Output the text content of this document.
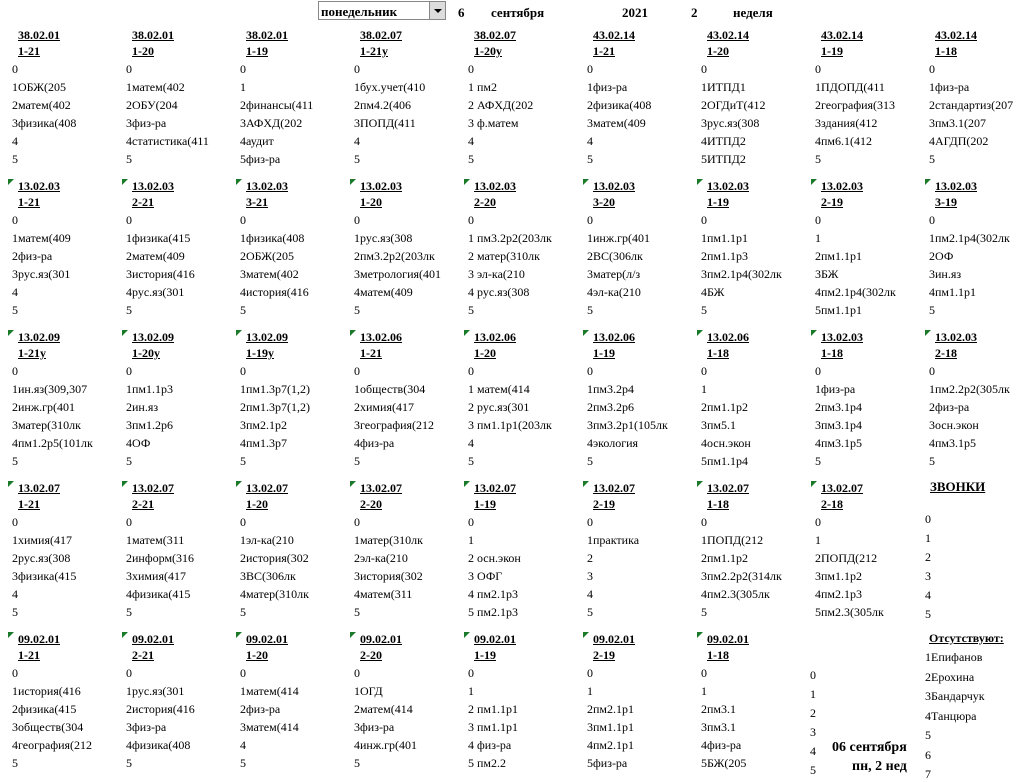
понедельник	6 сентября	2021	2	неделя
38.02.01
1-21
0
1ОБЖ(205
2матем(402
3физика(408
4
5
13.02.03
1-21
0
1матем(409
2физ-ра
3рус.яз(301
4
5
13.02.09
1-21у
0
1ин.яз(309,307
2инж.гр(401
3матер(310лк
4пм1.2р5(101лк
5
13.02.07
1-21
0
1химия(417
2рус.яз(308
3физика(415
4
5
09.02.01
1-21
0
1история(416
2физика(415
3обществ(304
4география(212
5
38.02.01
1-20
0
1матем(402
2ОБУ(204
3физ-ра
4статистика(411
5
13.02.03
2-21
0
1физика(415
2матем(409
3история(416
4рус.яз(301
5
13.02.09
1-20у
0
1пм1.1р3
2ин.яз
3пм1.2р6
4ОФ
5
13.02.07
2-21
0
1матем(311
2информ(316
3химия(417
4физика(415
5
09.02.01
2-21
0
1рус.яз(301
2история(416
3физ-ра
4физика(408
5
38.02.01
1-19
0
1
2финансы(411
3АФХД(202
4аудит
5физ-ра
13.02.03
3-21
0
1физика(408
2ОБЖ(205
3матем(402
4история(416
5
13.02.09
1-19у
0
1пм1.3р7(1,2)
2пм1.3р7(1,2)
3пм2.1р2
4пм1.3р7
5
13.02.07
1-20
0
1эл-ка(210
2история(302
3ВС(306лк
4матер(310лк
5
09.02.01
1-20
0
1матем(414
2физ-ра
3матем(414
4
5
38.02.07
1-21у
0
1бух.учет(410
2пм4.2(406
3ПОПД(411
4
5
13.02.03
1-20
0
1рус.яз(308
2пм3.2р2(203лк
3метрология(401
4матем(409
5
13.02.06
1-21
0
1обществ(304
2химия(417
3география(212
4физ-ра
5
13.02.07
2-20
0
1матер(310лк
2эл-ка(210
3история(302
4матем(311
5
09.02.01
2-20
0
1ОГД
2матем(414
3физ-ра
4инж.гр(401
5
38.02.07
1-20у
0
1 пм2
2 АФХД(202
3 ф.матем
4
5
13.02.03
2-20
0
1 пм3.2р2(203лк
2 матер(310лк
3 эл-ка(210
4 рус.яз(308
5
13.02.06
1-20
0
1 матем(414
2 рус.яз(301
3 пм1.1р1(203лк
4
5
13.02.07
1-19
0
1
2 осн.экон
3 ОФГ
4 пм2.1р3
5 пм2.1р3
09.02.01
1-19
0
1
2 пм1.1р1
3 пм1.1р1
4 физ-ра
5 пм2.2
43.02.14
1-21
0
1физ-ра
2физика(408
3матем(409
4
5
13.02.03
3-20
0
1инж.гр(401
2ВС(306лк
3матер(л/з
4эл-ка(210
5
13.02.06
1-19
0
1пм3.2р4
2пм3.2р6
3пм3.2р1(105лк
4экология
5
13.02.07
2-19
0
1практика
2
3
4
5
09.02.01
2-19
0
1
2пм2.1р1
3пм1.1р1
4пм2.1р1
5физ-ра
43.02.14
1-20
0
1ИТПД1
2ОГДиТ(412
3рус.яз(308
4ИТПД2
5ИТПД2
13.02.03
1-19
0
1пм1.1р1
2пм1.1р3
3пм2.1р4(302лк
4БЖ
5
13.02.06
1-18
0
1
2пм1.1р2
3пм5.1
4осн.экон
5пм1.1р4
13.02.07
1-18
0
1ПОПД(212
2пм1.1р2
3пм2.2р2(314лк
4пм2.3(305лк
5
09.02.01
1-18
0
1
2пм3.1
3пм3.1
4физ-ра
5БЖ(205
43.02.14
1-19
0
1ПДОПД(411
2география(313
3здания(412
4пм6.1(412
5
13.02.03
2-19
0
1
2пм1.1р1
3БЖ
4пм2.1р4(302лк
5пм1.1р1
13.02.03
1-18
0
1физ-ра
2пм3.1р4
3пм3.1р4
4пм3.1р5
5
13.02.07
2-18
0
1
2ПОПД(212
3пм1.1р2
4пм2.1р3
5пм2.3(305лк
43.02.14
1-18
0
1физ-ра
2стандартиз(207
3пм3.1(207
4АГДП(202
5
13.02.03
3-19
0
1пм2.1р4(302лк
2ОФ
3ин.яз
4пм1.1р1
5
13.02.03
2-18
0
1пм2.2р2(305лк
2физ-ра
3осн.экон
4пм3.1р5
5
ЗВОНКИ
0
1
2
3
4
5
Отсутствуют:
1Епифанов
2Ерохина
3Бандарчук
4Танцюра
5
6
7
0
1
2
3
4
5
06 сентября
пн, 2 нед
